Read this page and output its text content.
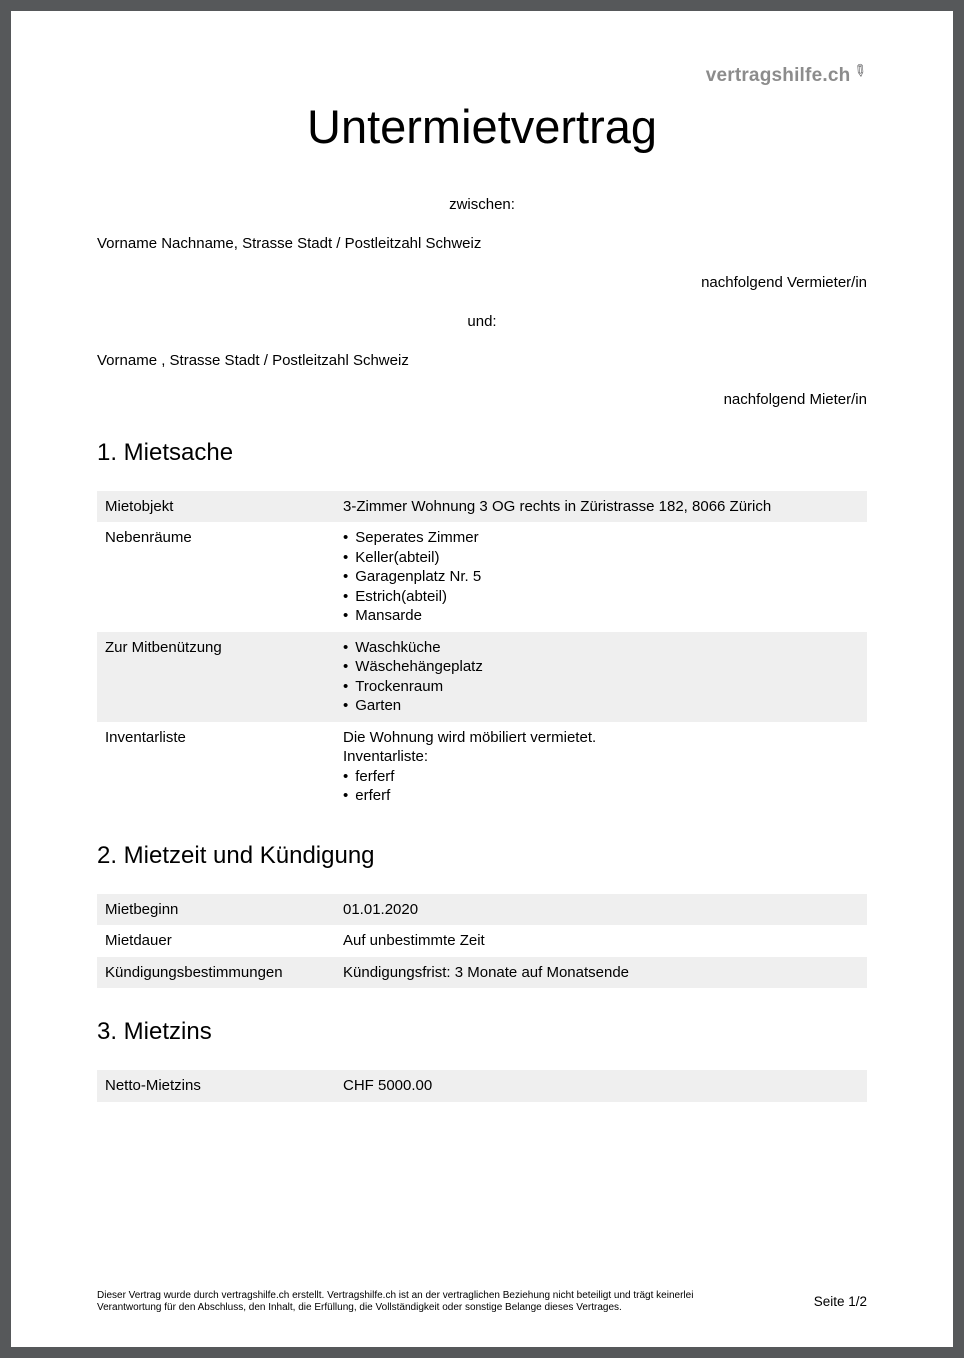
vertragshilfe.ch✎
Untermietvertrag
zwischen:
Vorname Nachname, Strasse Stadt / Postleitzahl Schweiz
nachfolgend Vermieter/in
und:
Vorname , Strasse Stadt / Postleitzahl Schweiz
nachfolgend Mieter/in
1. Mietsache
Mietobjekt	3-Zimmer Wohnung 3 OG rechts in Züristrasse 182, 8066 Zürich
Nebenräume	• Seperates Zimmer
• Keller(abteil)
• Garagenplatz Nr. 5
• Estrich(abteil)
• Mansarde
Zur Mitbenützung	• Waschküche
• Wäschehängeplatz
• Trockenraum
• Garten
Inventarliste	Die Wohnung wird möbiliert vermietet.
Inventarliste:
• ferferf
• erferf
2. Mietzeit und Kündigung
Mietbeginn	01.01.2020
Mietdauer	Auf unbestimmte Zeit
Kündigungsbestimmungen	Kündigungsfrist: 3 Monate auf Monatsende
3. Mietzins
Netto-Mietzins	CHF 5000.00
Dieser Vertrag wurde durch vertragshilfe.ch erstellt. Vertragshilfe.ch ist an der vertraglichen Beziehung nicht beteiligt und trägt keinerlei Verantwortung für den Abschluss, den Inhalt, die Erfüllung, die Vollständigkeit oder sonstige Belange dieses Vertrages.	Seite 1/2
